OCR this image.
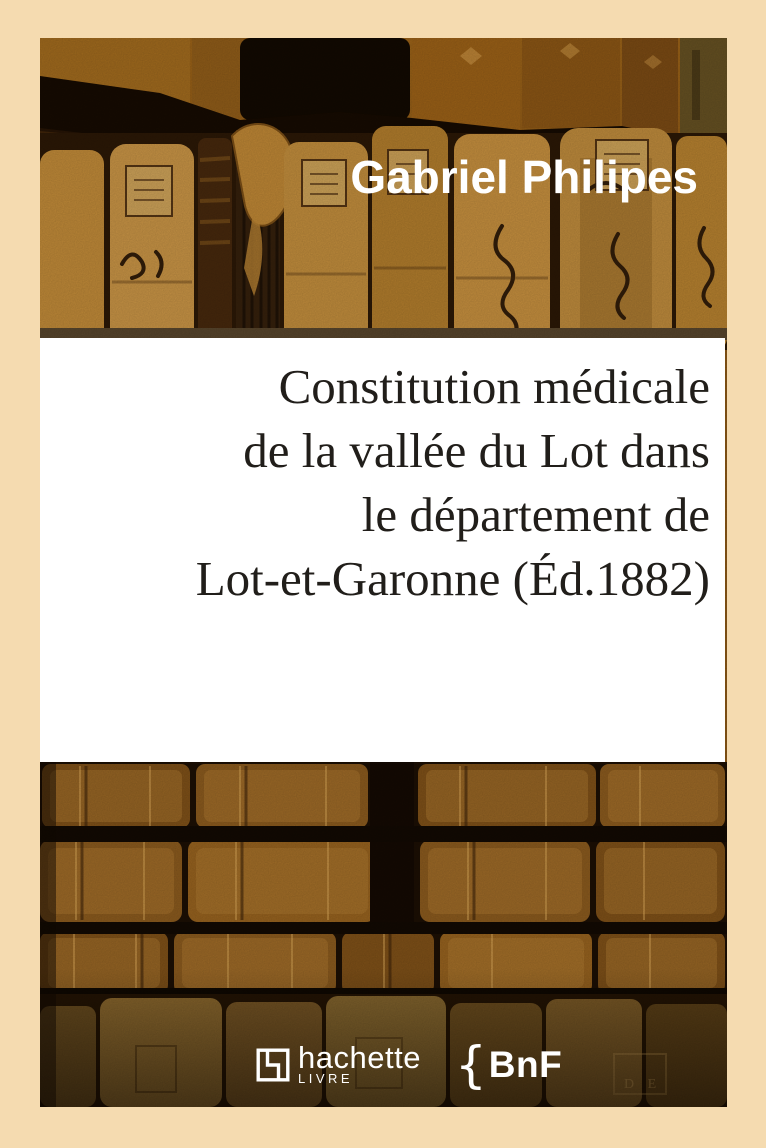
Gabriel Philipes
Constitution médicale
de la vallée du Lot dans
le département de
Lot-et-Garonne (Éd.1882)
hachette
LIVRE	{ BnF
